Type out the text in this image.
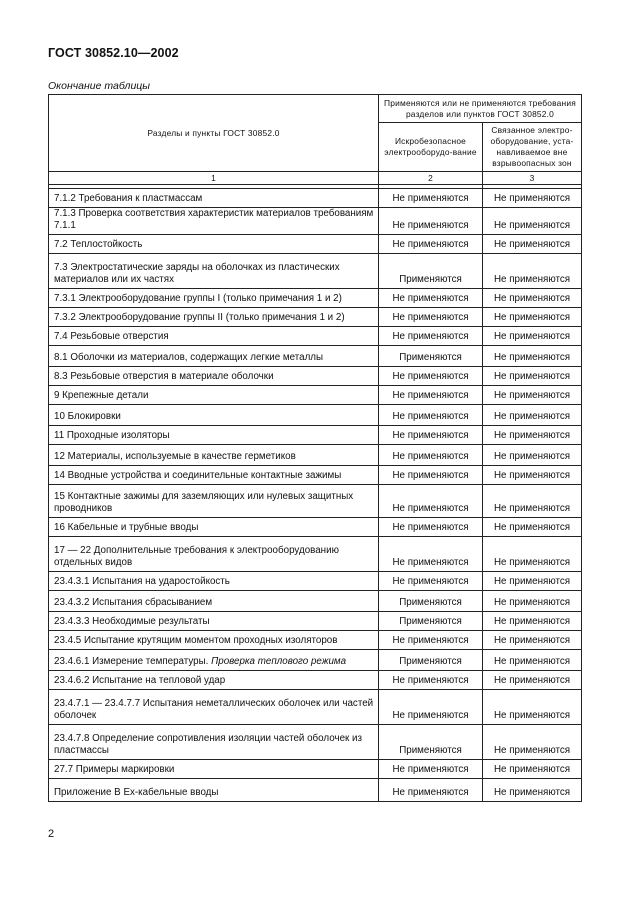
ГОСТ 30852.10—2002
Окончание таблицы
Разделы и пункты ГОСТ 30852.0	Применяются или не применяются требования разделов или пунктов ГОСТ 30852.0	
	Искробезопасное электрооборудо-вание	Связанное электро-оборудование, уста-навливаемое вне взрывоопасных зон
1	2	3

7.1.2 Требования к пластмассам	Не применяются	Не применяются
7.1.3 Проверка соответствия характеристик материалов требованиям 7.1.1	Не применяются	Не применяются
7.2 Теплостойкость	Не применяются	Не применяются
7.3 Электростатические заряды на оболочках из пластических материалов или их частях	Применяются	Не применяются
7.3.1 Электрооборудование группы I (только примечания 1 и 2)	Не применяются	Не применяются
7.3.2 Электрооборудование группы II (только примечания 1 и 2)	Не применяются	Не применяются
7.4 Резьбовые отверстия	Не применяются	Не применяются
8.1 Оболочки из материалов, содержащих легкие металлы	Применяются	Не применяются
8.3 Резьбовые отверстия в материале оболочки	Не применяются	Не применяются
9 Крепежные детали	Не применяются	Не применяются
10 Блокировки	Не применяются	Не применяются
11 Проходные изоляторы	Не применяются	Не применяются
12 Материалы, используемые в качестве герметиков	Не применяются	Не применяются
14 Вводные устройства и соединительные контактные зажимы	Не применяются	Не применяются
15 Контактные зажимы для заземляющих или нулевых защитных проводников	Не применяются	Не применяются
16 Кабельные и трубные вводы	Не применяются	Не применяются
17 — 22 Дополнительные требования к электрооборудованию отдельных видов	Не применяются	Не применяются
23.4.3.1 Испытания на ударостойкость	Не применяются	Не применяются
23.4.3.2 Испытания сбрасыванием	Применяются	Не применяются
23.4.3.3 Необходимые результаты	Применяются	Не применяются
23.4.5 Испытание крутящим моментом проходных изоляторов	Не применяются	Не применяются
23.4.6.1 Измерение температуры. Проверка теплового режима	Применяются	Не применяются
23.4.6.2 Испытание на тепловой удар	Не применяются	Не применяются
23.4.7.1 — 23.4.7.7 Испытания неметаллических оболочек или частей оболочек	Не применяются	Не применяются
23.4.7.8 Определение сопротивления изоляции частей оболочек из пластмассы	Применяются	Не применяются
27.7 Примеры маркировки	Не применяются	Не применяются
Приложение В Ex-кабельные вводы	Не применяются	Не применяются
2
